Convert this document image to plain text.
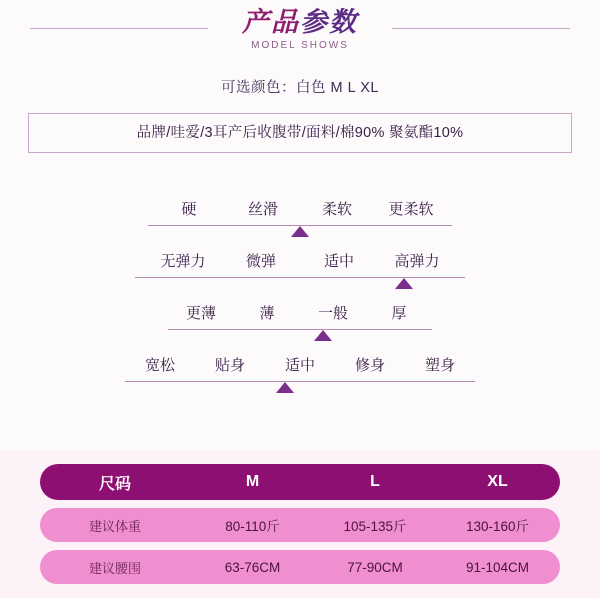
产品参数
MODEL SHOWS
可选颜色：白色 M L XL
品牌/哇爱/3耳产后收腹带/面料/棉90% 聚氨酯10%
硬	丝滑	柔软	更柔软
无弹力	微弹	适中	高弹力
更薄	薄	一般	厚
宽松	贴身	适中	修身	塑身
尺码	M	L	XL
建议体重	80-110斤	105-135斤	130-160斤
建议腰围	63-76CM	77-90CM	91-104CM
